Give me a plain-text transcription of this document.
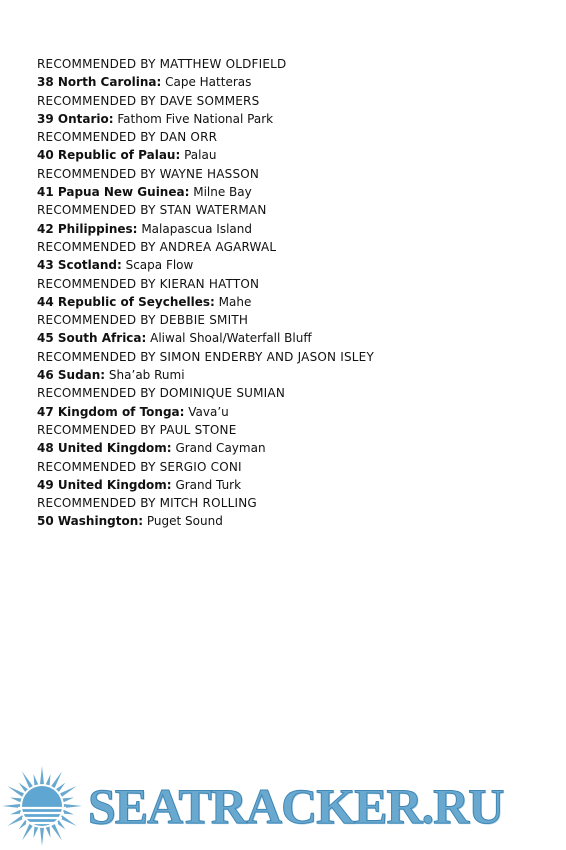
RECOMMENDED BY MATTHEW OLDFIELD
38 North Carolina: Cape Hatteras
RECOMMENDED BY DAVE SOMMERS
39 Ontario: Fathom Five National Park
RECOMMENDED BY DAN ORR
40 Republic of Palau: Palau
RECOMMENDED BY WAYNE HASSON
41 Papua New Guinea: Milne Bay
RECOMMENDED BY STAN WATERMAN
42 Philippines: Malapascua Island
RECOMMENDED BY ANDREA AGARWAL
43 Scotland: Scapa Flow
RECOMMENDED BY KIERAN HATTON
44 Republic of Seychelles: Mahe
RECOMMENDED BY DEBBIE SMITH
45 South Africa: Aliwal Shoal/Waterfall Bluff
RECOMMENDED BY SIMON ENDERBY AND JASON ISLEY
46 Sudan: Sha’ab Rumi
RECOMMENDED BY DOMINIQUE SUMIAN
47 Kingdom of Tonga: Vava’u
RECOMMENDED BY PAUL STONE
48 United Kingdom: Grand Cayman
RECOMMENDED BY SERGIO CONI
49 United Kingdom: Grand Turk
RECOMMENDED BY MITCH ROLLING
50 Washington: Puget Sound
SEATRACKER.RU
